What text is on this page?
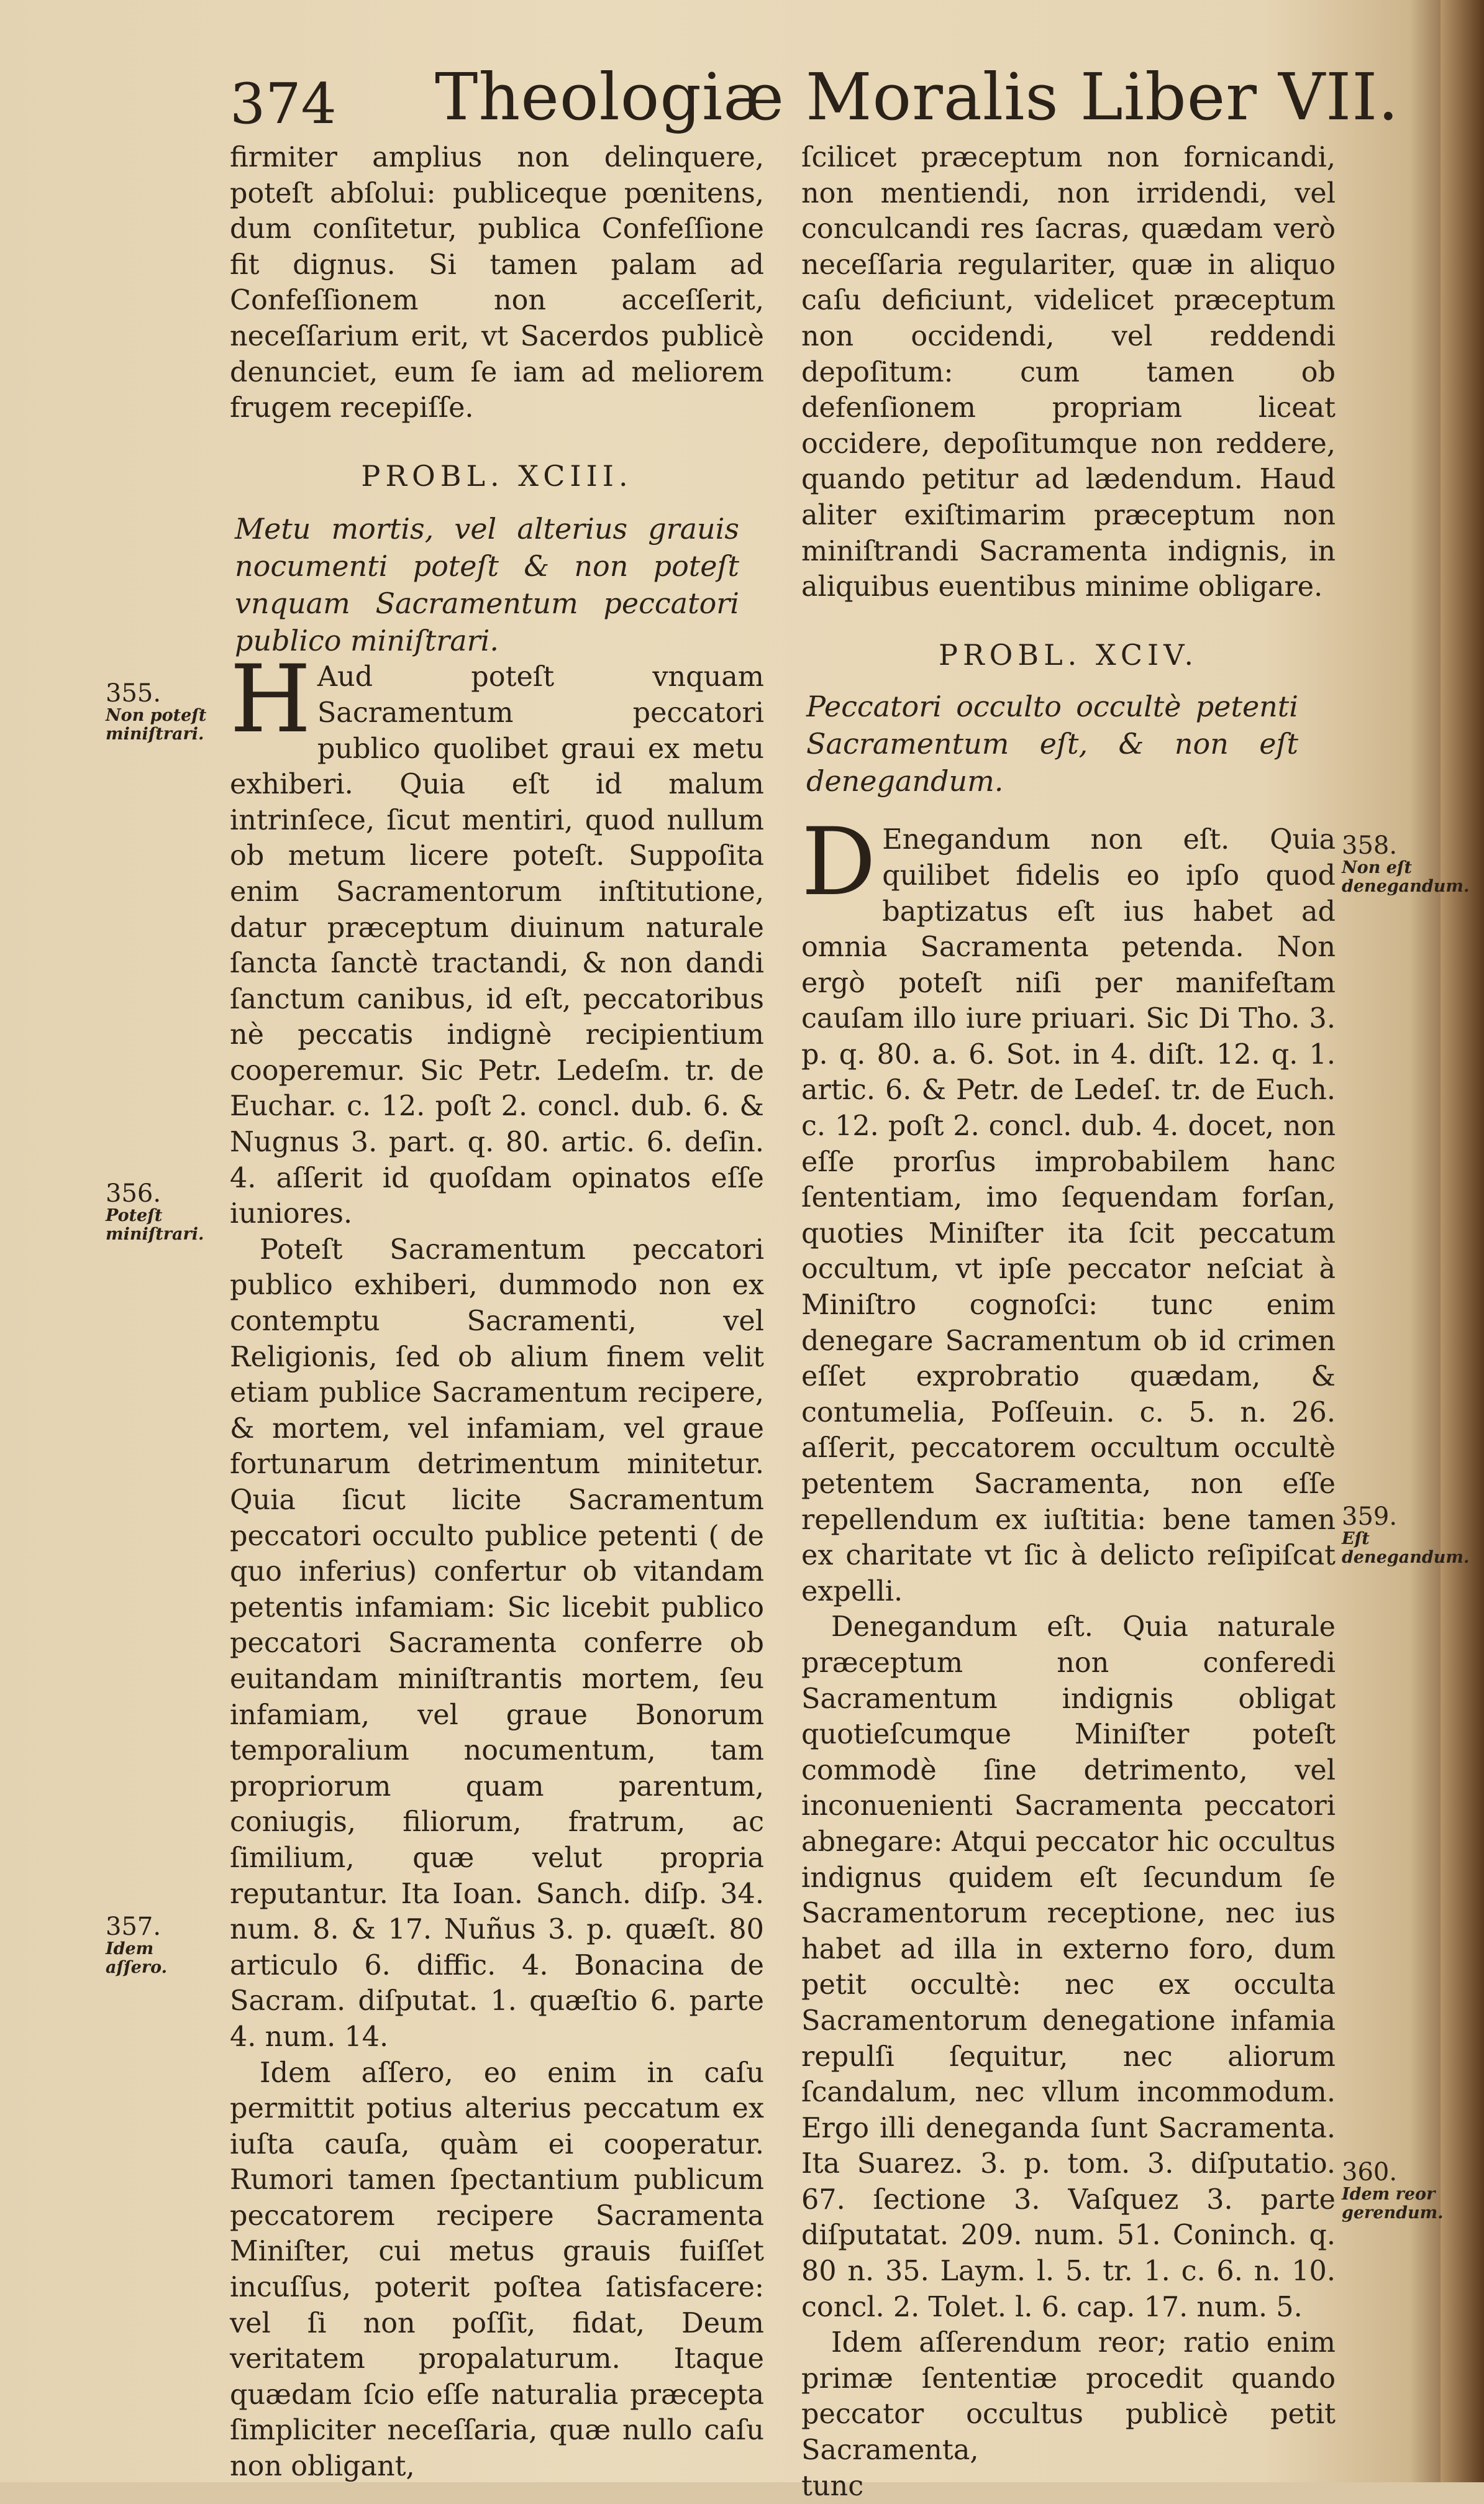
374 Theologiæ Moralis Liber VII.
355.
Non poteſt miniſtrari.
356.
Poteſt miniſtrari.
357.
Idem aſſero.
358.
Non eſt denegandum.
359.
Eſt denegandum.
360.
Idem reor gerendum.

firmiter amplius non delinquere, poteſt abſolui: publiceque pœnitens, dum conſitetur, publica Confeſſione fit dignus. Si tamen palam ad Confeſſionem non acceſſerit, neceſſarium erit, vt Sacerdos publicè denunciet, eum ſe iam ad meliorem frugem recepiſſe.

PROBL. XCIII.

Metu mortis, vel alterius grauis nocumenti poteſt & non poteſt vnquam Sacramentum peccatori publico miniſtrari.

H Aud poteſt vnquam Sacramentum peccatori publico quolibet graui ex metu exhiberi. Quia eſt id malum intrinſece, ſicut mentiri, quod nullum ob metum licere poteſt. Suppoſita enim Sacramentorum inſtitutione, datur præceptum diuinum naturale ſanctа ſanctè tractandi, & non dandi ſanctum canibus, id eſt, peccatoribus nè peccatis indignè recipientium cooperemur. Sic Petr. Ledeſm. tr. de Euchar. c. 12. poſt 2. concl. dub. 6. & Nugnus 3. part. q. 80. artic. 6. deſin. 4. aſſerit id quoſdam opinatos eſſe iuniores.

Poteſt Sacramentum peccatori publico exhiberi, dummodo non ex contemptu Sacramenti, vel Religionis, ſed ob alium finem velit etiam publice Sacramentum recipere, & mortem, vel infamiam, vel graue fortunarum detrimentum minitetur. Quia ſicut licite Sacramentum peccatori occulto publice petenti ( de quo inferius) confertur ob vitandam petentis infamiam: Sic licebit publico peccatori Sacramenta conferre ob euitandam miniſtrantis mortem, ſeu infamiam, vel graue Bonorum temporalium nocumentum, tam propriorum quam parentum, coniugis, filiorum, fratrum, ac ſimilium, quæ velut propria reputantur. Ita Ioan. Sanch. diſp. 34. num. 8. & 17. Nuñus 3. p. quæſt. 80 articulo 6. diffic. 4. Bonacina de Sacram. diſputat. 1. quæſtio 6. parte 4. num. 14.

Idem aſſero, eo enim in caſu permittit potius alterius peccatum ex iuſta cauſa, quàm ei cooperatur. Rumori tamen ſpectantium publicum peccatorem recipere Sacramenta Miniſter, cui metus grauis fuiſſet incuſſus, poterit poſtea ſatisfacere: vel ſi non poſſit, fidat, Deum veritatem propalaturum. Itaque quædam ſcio eſſe naturalia præcepta ſimpliciter neceſſaria, quæ nullo caſu non obligant,

ſcilicet præceptum non fornicandi, non mentiendi, non irridendi, vel conculcandi res ſacras, quædam verò neceſſaria regulariter, quæ in aliquo caſu deficiunt, videlicet præceptum non occidendi, vel reddendi depoſitum: cum tamen ob defenſionem propriam liceat occidere, depoſitumque non reddere, quando petitur ad lædendum. Haud aliter exiſtimarim præceptum non miniſtrandi Sacramenta indignis, in aliquibus euentibus minime obligare.

PROBL. XCIV.

Peccatori occulto occultè petenti Sacramentum eſt, & non eſt denegandum.

D Enegandum non eſt. Quia quilibet fidelis eo ipſo quod baptizatus eſt ius habet ad omnia Sacramenta petenda. Non ergò poteſt niſi per manifeſtam cauſam illo iure priuari. Sic Di Tho. 3. p. q. 80. a. 6. Sot. in 4. diſt. 12. q. 1. artic. 6. & Petr. de Ledeſ. tr. de Euch. c. 12. poſt 2. concl. dub. 4. docet, non eſſe prorſus improbabilem hanc ſententiam, imo ſequendam forſan, quoties Miniſter ita ſcit peccatum occultum, vt ipſe peccator neſciat à Miniſtro cognoſci: tunc enim denegare Sacramentum ob id crimen eſſet exprobratio quædam, & contumelia, Poſſeuin. c. 5. n. 26. aſſerit, peccatorem occultum occultè petentem Sacramenta, non eſſe repellendum ex iuſtitia: bene tamen ex charitate vt ſic à delicto reſipiſcat expelli.

Denegandum eſt. Quia naturale præceptum non conferedi Sacramentum indignis obligat quotieſcumque Miniſter poteſt commodè ſine detrimento, vel inconuenienti Sacramenta peccatori abnegare: Atqui peccator hic occultus indignus quidem eſt ſecundum ſe Sacramentorum receptione, nec ius habet ad illa in externo foro, dum petit occultè: nec ex occulta Sacramentorum denegatione infamia repulſi ſequitur, nec aliorum ſcandalum, nec vllum incommodum. Ergo illi deneganda ſunt Sacramenta. Ita Suarez. 3. p. tom. 3. diſputatio. 67. ſectione 3. Vaſquez 3. parte diſputatat. 209. num. 51. Coninch. q. 80 n. 35. Laym. l. 5. tr. 1. c. 6. n. 10. concl. 2. Tolet. l. 6. cap. 17. num. 5.

Idem aſſerendum reor; ratio enim primæ ſententiæ procedit quando peccator occultus publicè petit Sacramenta,

tunc
